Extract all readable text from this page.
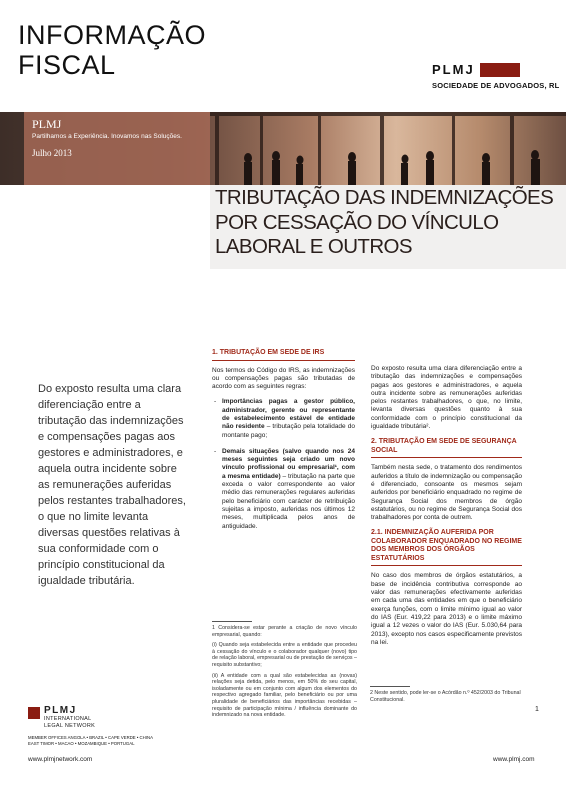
INFORMAÇÃO
FISCAL	PLMJ
SOCIEDADE DE ADVOGADOS, RL
PLMJ
Partilhamos a Experiência. Inovamos nas Soluções.
Julho 2013
TRIBUTAÇÃO DAS INDEMNIZAÇÕES POR CESSAÇÃO DO VÍNCULO LABORAL E OUTROS
Do exposto resulta uma clara diferenciação entre a tributação das indemnizações e compensações pagas aos gestores e administradores, e aquela outra incidente sobre as remunerações auferidas pelos restantes trabalhadores, o que no limite levanta diversas questões relativas à sua conformidade com o princípio constitucional da igualdade tributária.
1. TRIBUTAÇÃO EM SEDE DE IRS

Nos termos do Código do IRS, as indemnizações ou compensações pagas são tributadas de acordo com as seguintes regras:

- Importâncias pagas a gestor público, administrador, gerente ou representante de estabelecimento estável de entidade não residente – tributação pela totalidade do montante pago;
- Demais situações (salvo quando nos 24 meses seguintes seja criado um novo vínculo profissional ou empresarial¹, com a mesma entidade) – tributação na parte que exceda o valor correspondente ao valor médio das remunerações regulares auferidas pelo beneficiário com carácter de retribuição sujeitas a imposto, auferidas nos últimos 12 meses, multiplicada pelos anos de antiguidade.

1 Considera-se estar perante a criação de novo vínculo empresarial, quando:

(i) Quando seja estabelecida entre a entidade que procedeu à cessação do vínculo e o colaborador qualquer (novo) tipo de relação laboral, empresarial ou de prestação de serviços – requisito substantivo;

(ii) A entidade com a qual são estabelecidas as (novas) relações seja detida, pelo menos, em 50% do seu capital, isoladamente ou em conjunto com algum dos elementos do respectivo agregado familiar, pelo beneficiário ou por uma pluralidade de beneficiários das importâncias recebidas – requisito de participação mínima / influência dominante do indemnizado na nova entidade.

Do exposto resulta uma clara diferenciação entre a tributação das indemnizações e compensações pagas aos gestores e administradores, e aquela outra incidente sobre as remunerações auferidas pelos restantes trabalhadores, o que, no limite, levanta diversas questões quanto à sua conformidade com o princípio constitucional da igualdade tributária².

2. TRIBUTAÇÃO EM SEDE DE SEGURANÇA SOCIAL

Também nesta sede, o tratamento dos rendimentos auferidos a título de indemnização ou compensação é diferenciado, consoante os mesmos sejam auferidos por beneficiário enquadrado no regime de Segurança Social dos membros de órgão estatutários, ou no regime de Segurança Social dos trabalhadores por conta de outrem.

2.1. INDEMNIZAÇÃO AUFERIDA POR COLABORADOR ENQUADRADO NO REGIME DOS MEMBROS DOS ÓRGÃOS ESTATUTÁRIOS

No caso dos membros de órgãos estatutários, a base de incidência contributiva corresponde ao valor das remunerações efectivamente auferidas em cada uma das entidades em que o beneficiário exerça funções, com o limite mínimo igual ao valor do IAS (Eur. 419,22 para 2013) e o limite máximo igual a 12 vezes o valor do IAS (Eur. 5.030,64 para 2013), excepto nos casos especificamente previstos na lei.

2 Neste sentido, pode ler-se o Acórdão n.º 452/2003 do Tribunal Constitucional.
1
PLMJ
INTERNATIONAL
LEGAL NETWORK
MEMBER OFFICES ANGOLA • BRAZIL • CAPE VERDE • CHINA
EAST TIMOR • MACAO • MOZAMBIQUE • PORTUGAL
www.plmjnetwork.com	www.plmj.com
